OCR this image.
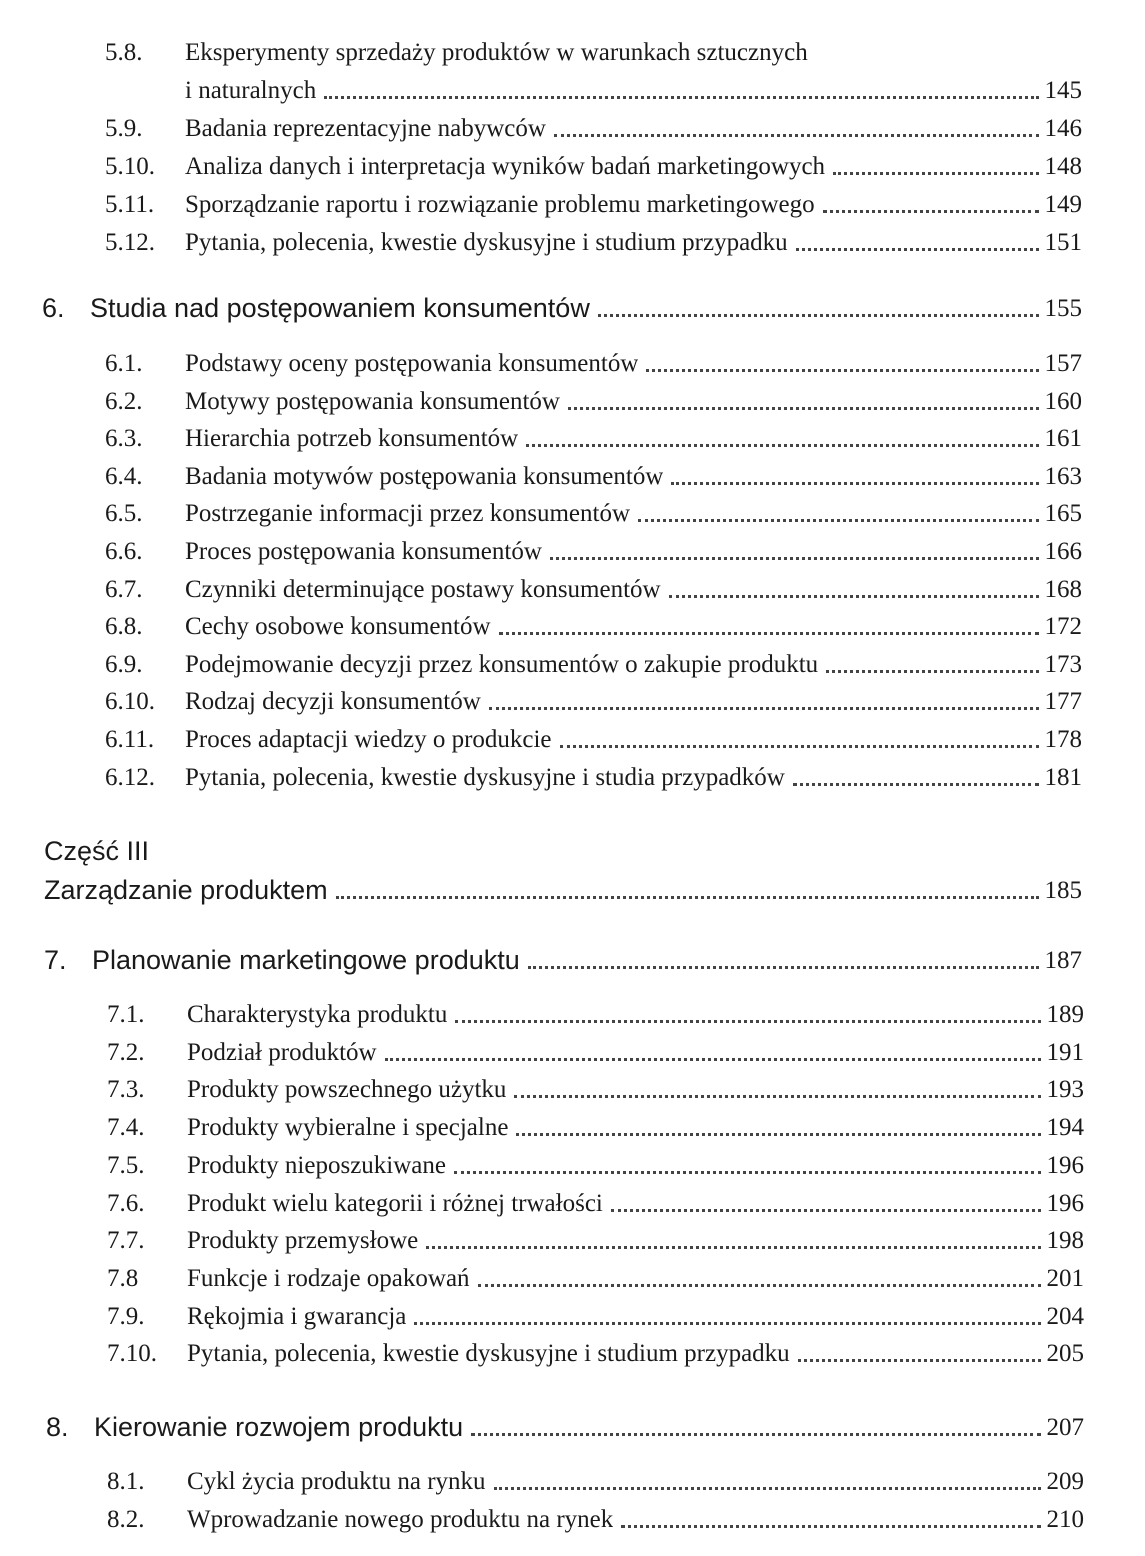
5.8.	Eksperymenty sprzedaży produktów w warunkach sztucznych
i naturalnych	145
5.9.	Badania reprezentacyjne nabywców	146
5.10.	Analiza danych i interpretacja wyników badań marketingowych	148
5.11.	Sporządzanie raportu i rozwiązanie problemu marketingowego	149
5.12.	Pytania, polecenia, kwestie dyskusyjne i studium przypadku	151
6. Studia nad postępowaniem konsumentów	155
6.1.	Podstawy oceny postępowania konsumentów	157
6.2.	Motywy postępowania konsumentów	160
6.3.	Hierarchia potrzeb konsumentów	161
6.4.	Badania motywów postępowania konsumentów	163
6.5.	Postrzeganie informacji przez konsumentów	165
6.6.	Proces postępowania konsumentów	166
6.7.	Czynniki determinujące postawy konsumentów	168
6.8.	Cechy osobowe konsumentów	172
6.9.	Podejmowanie decyzji przez konsumentów o zakupie produktu	173
6.10.	Rodzaj decyzji konsumentów	177
6.11.	Proces adaptacji wiedzy o produkcie	178
6.12.	Pytania, polecenia, kwestie dyskusyjne i studia przypadków	181
Część III
Zarządzanie produktem	185
7. Planowanie marketingowe produktu	187
7.1.	Charakterystyka produktu	189
7.2.	Podział produktów	191
7.3.	Produkty powszechnego użytku	193
7.4.	Produkty wybieralne i specjalne	194
7.5.	Produkty nieposzukiwane	196
7.6.	Produkt wielu kategorii i różnej trwałości	196
7.7.	Produkty przemysłowe	198
7.8	Funkcje i rodzaje opakowań	201
7.9.	Rękojmia i gwarancja	204
7.10.	Pytania, polecenia, kwestie dyskusyjne i studium przypadku	205
8. Kierowanie rozwojem produktu	207
8.1.	Cykl życia produktu na rynku	209
8.2.	Wprowadzanie nowego produktu na rynek	210
